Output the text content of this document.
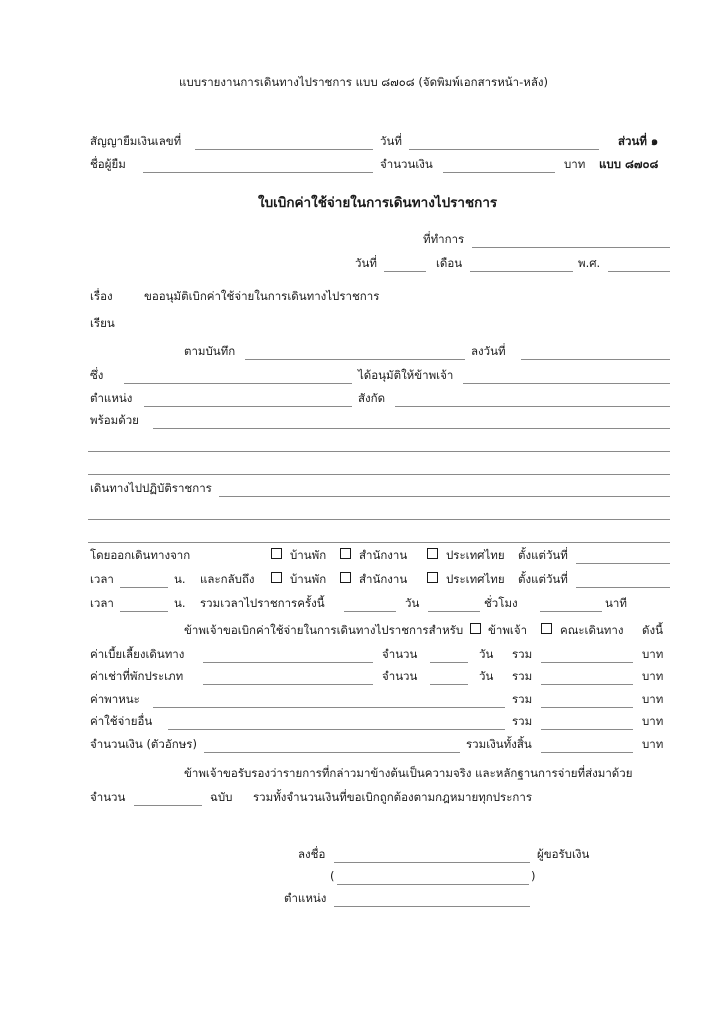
แบบรายงานการเดินทางไปราชการ แบบ ๘๗๐๘ (จัดพิมพ์เอกสารหน้า-หลัง)
สัญญายืมเงินเลขที่	วันที่	ส่วนที่ ๑
ชื่อผู้ยืม	จำนวนเงิน	บาท แบบ ๘๗๐๘
ใบเบิกค่าใช้จ่ายในการเดินทางไปราชการ
ที่ทำการ
วันที่	เดือน	พ.ศ.
เรื่อง	ขออนุมัติเบิกค่าใช้จ่ายในการเดินทางไปราชการ
เรียน
ตามบันทึก	ลงวันที่
ซึ่ง	ได้อนุมัติให้ข้าพเจ้า
ตำแหน่ง	สังกัด
พร้อมด้วย
เดินทางไปปฏิบัติราชการ
โดยออกเดินทางจาก	บ้านพัก	สำนักงาน	ประเทศไทย ตั้งแต่วันที่
เวลา	น. และกลับถึง	บ้านพัก	สำนักงาน	ประเทศไทย ตั้งแต่วันที่
เวลา	น. รวมเวลาไปราชการครั้งนี้	วัน	ชั่วโมง	นาที
ข้าพเจ้าขอเบิกค่าใช้จ่ายในการเดินทางไปราชการสำหรับ ข้าพเจ้า	คณะเดินทาง ดังนี้
ค่าเบี้ยเลี้ยงเดินทาง	จำนวน	วัน รวม	บาท
ค่าเช่าที่พักประเภท	จำนวน	วัน รวม	บาท
ค่าพาหนะ	รวม	บาท
ค่าใช้จ่ายอื่น	รวม	บาท
จำนวนเงิน (ตัวอักษร)	รวมเงินทั้งสิ้น	บาท
ข้าพเจ้าขอรับรองว่ารายการที่กล่าวมาข้างต้นเป็นความจริง และหลักฐานการจ่ายที่ส่งมาด้วย
จำนวน	ฉบับ รวมทั้งจำนวนเงินที่ขอเบิกถูกต้องตามกฎหมายทุกประการ
ลงชื่อ	ผู้ขอรับเงิน
(	)
ตำแหน่ง
